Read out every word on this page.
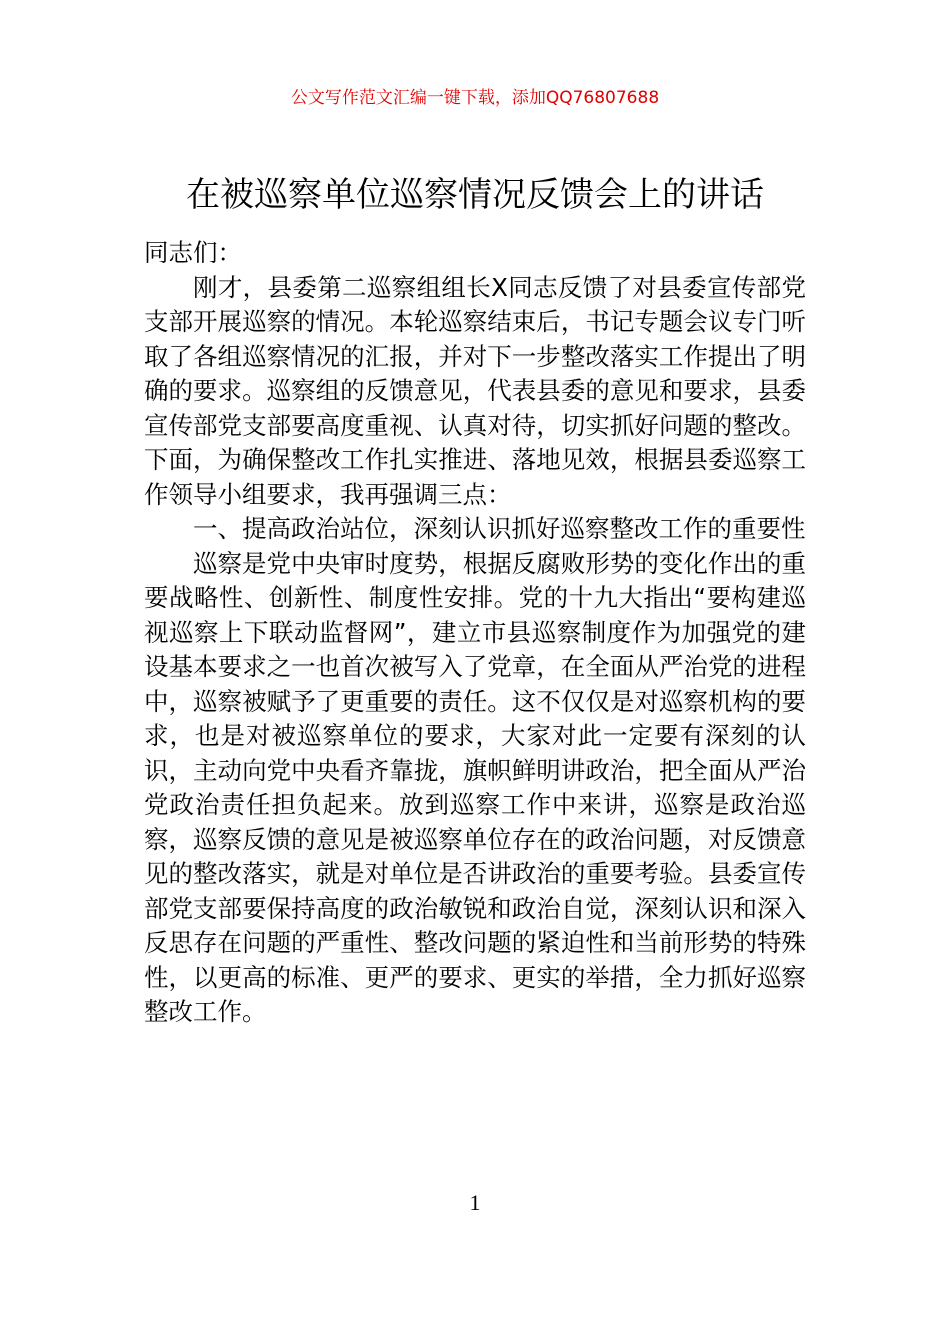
公文写作范文汇编一键下载，添加QQ76807688
在被巡察单位巡察情况反馈会上的讲话

同志们：

刚才，县委第二巡察组组长X同志反馈了对县委宣传部党支部开展巡察的情况。本轮巡察结束后，书记专题会议专门听取了各组巡察情况的汇报，并对下一步整改落实工作提出了明确的要求。巡察组的反馈意见，代表县委的意见和要求，县委宣传部党支部要高度重视、认真对待，切实抓好问题的整改。下面，为确保整改工作扎实推进、落地见效，根据县委巡察工作领导小组要求，我再强调三点：

一、提高政治站位，深刻认识抓好巡察整改工作的重要性

巡察是党中央审时度势，根据反腐败形势的变化作出的重要战略性、创新性、制度性安排。党的十九大指出“要构建巡视巡察上下联动监督网”，建立市县巡察制度作为加强党的建设基本要求之一也首次被写入了党章，在全面从严治党的进程中，巡察被赋予了更重要的责任。这不仅仅是对巡察机构的要求，也是对被巡察单位的要求，大家对此一定要有深刻的认识，主动向党中央看齐靠拢，旗帜鲜明讲政治，把全面从严治党政治责任担负起来。放到巡察工作中来讲，巡察是政治巡察，巡察反馈的意见是被巡察单位存在的政治问题，对反馈意见的整改落实，就是对单位是否讲政治的重要考验。县委宣传部党支部要保持高度的政治敏锐和政治自觉，深刻认识和深入反思存在问题的严重性、整改问题的紧迫性和当前形势的特殊性，以更高的标准、更严的要求、更实的举措，全力抓好巡察整改工作。

1
